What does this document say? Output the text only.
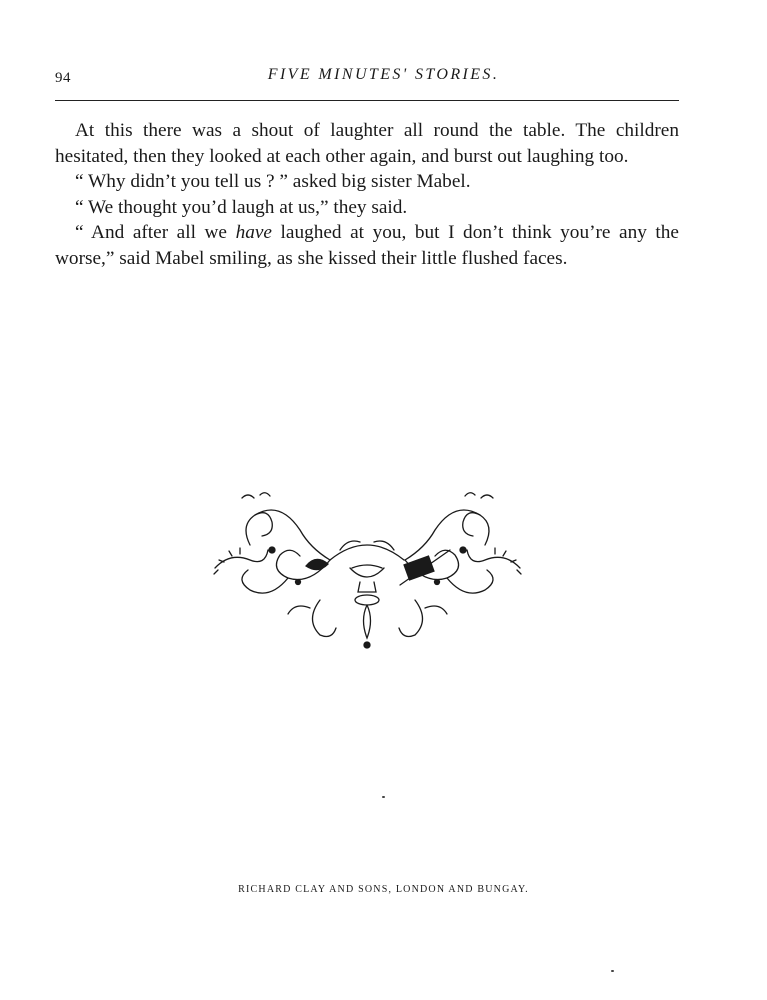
94	FIVE MINUTES' STORIES.

At this there was a shout of laughter all round the table. The children hesitated, then they looked at each other again, and burst out laughing too.

“ Why didn’t you tell us ? ” asked big sister Mabel.

“ We thought you’d laugh at us,” they said.

“ And after all we have laughed at you, but I don’t think you’re any the worse,” said Mabel smiling, as she kissed their little flushed faces.

RICHARD CLAY AND SONS, LONDON AND BUNGAY.
